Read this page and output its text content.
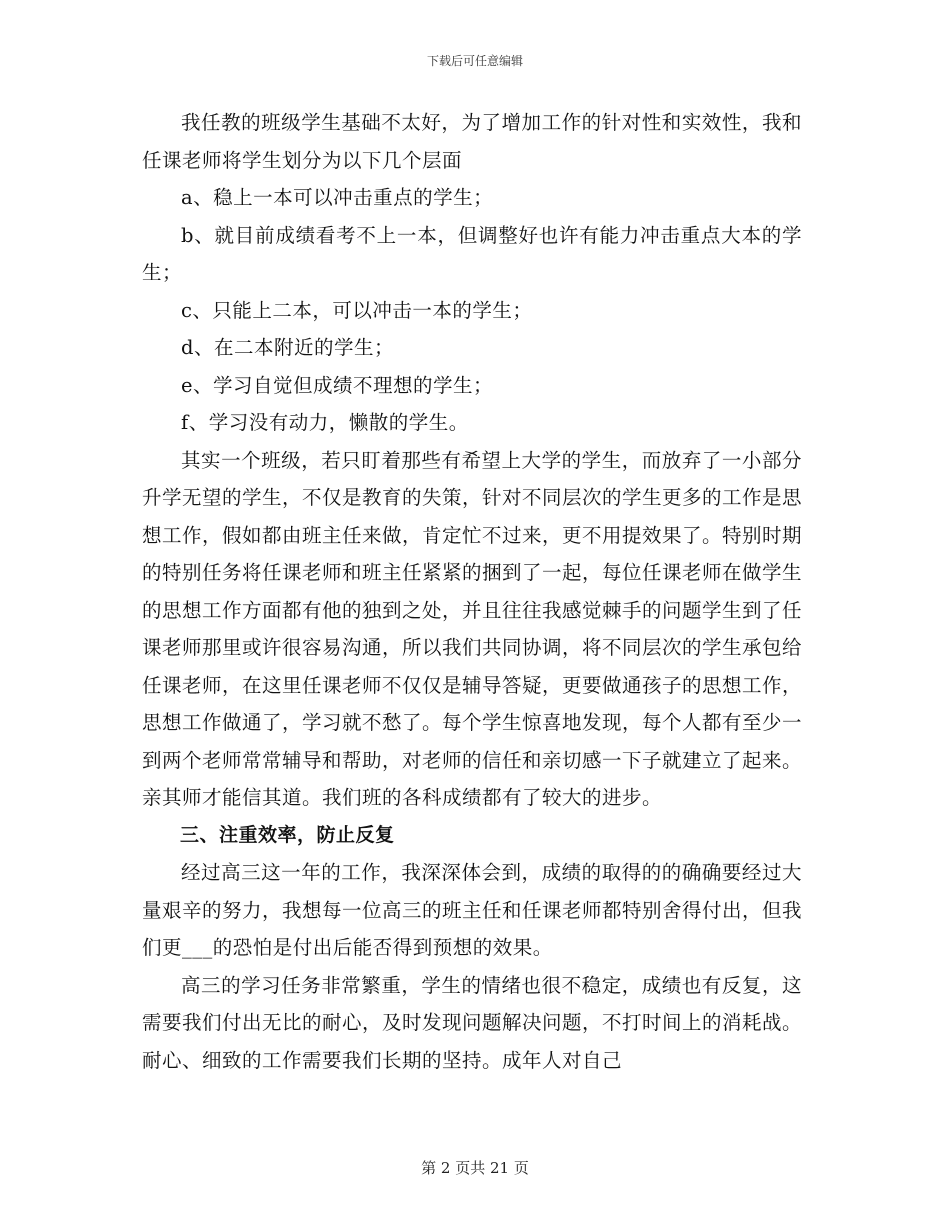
下载后可任意编辑

我任教的班级学生基础不太好，为了增加工作的针对性和实效性，我和任课老师将学生划分为以下几个层面

a、稳上一本可以冲击重点的学生；

b、就目前成绩看考不上一本，但调整好也许有能力冲击重点大本的学生；

c、只能上二本，可以冲击一本的学生；

d、在二本附近的学生；

e、学习自觉但成绩不理想的学生；

f、学习没有动力，懒散的学生。

其实一个班级，若只盯着那些有希望上大学的学生，而放弃了一小部分升学无望的学生，不仅是教育的失策，针对不同层次的学生更多的工作是思想工作，假如都由班主任来做，肯定忙不过来，更不用提效果了。特别时期的特别任务将任课老师和班主任紧紧的捆到了一起，每位任课老师在做学生的思想工作方面都有他的独到之处，并且往往我感觉棘手的问题学生到了任课老师那里或许很容易沟通，所以我们共同协调，将不同层次的学生承包给任课老师，在这里任课老师不仅仅是辅导答疑，更要做通孩子的思想工作，思想工作做通了，学习就不愁了。每个学生惊喜地发现，每个人都有至少一到两个老师常常辅导和帮助，对老师的信任和亲切感一下子就建立了起来。亲其师才能信其道。我们班的各科成绩都有了较大的进步。

三、注重效率，防止反复

经过高三这一年的工作，我深深体会到，成绩的取得的的确确要经过大量艰辛的努力，我想每一位高三的班主任和任课老师都特别舍得付出，但我们更___的恐怕是付出后能否得到预想的效果。

高三的学习任务非常繁重，学生的情绪也很不稳定，成绩也有反复，这需要我们付出无比的耐心，及时发现问题解决问题，不打时间上的消耗战。耐心、细致的工作需要我们长期的坚持。成年人对自己

第 2 页共 21 页
